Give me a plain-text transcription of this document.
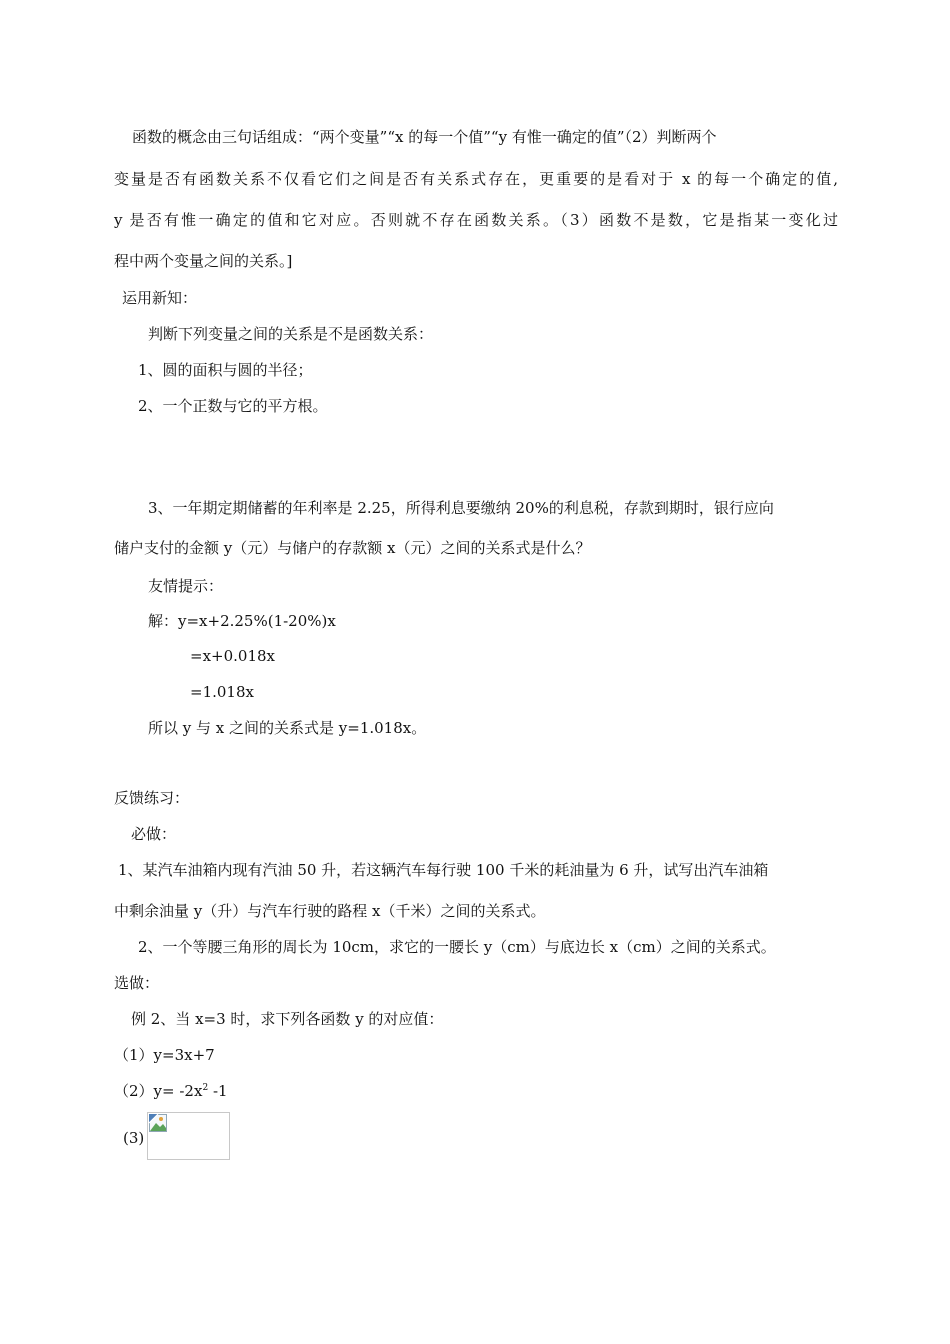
函数的概念由三句话组成：“两个变量”“x 的每一个值”“y 有惟一确定的值”（2）判断两个
变量是否有函数关系不仅看它们之间是否有关系式存在，更重要的是看对于 x 的每一个确定的值,
y 是否有惟一确定的值和它对应。否则就不存在函数关系。（3）函数不是数，它是指某一变化过
程中两个变量之间的关系。]
运用新知：
判断下列变量之间的关系是不是函数关系：
1、圆的面积与圆的半径；
2、一个正数与它的平方根。
3、一年期定期储蓄的年利率是 2.25，所得利息要缴纳 20%的利息税，存款到期时，银行应向
储户支付的金额 y（元）与储户的存款额 x（元）之间的关系式是什么？
友情提示：
解：y=x+2.25%(1-20%)x
=x+0.018x
=1.018x
所以 y 与 x 之间的关系式是 y=1.018x。
反馈练习：
必做：
1、某汽车油箱内现有汽油 50 升，若这辆汽车每行驶 100 千米的耗油量为 6 升，试写出汽车油箱
中剩余油量 y（升）与汽车行驶的路程 x（千米）之间的关系式。
2、一个等腰三角形的周长为 10cm，求它的一腰长 y（cm）与底边长 x（cm）之间的关系式。
选做：
例 2、当 x=3 时，求下列各函数 y 的对应值：
（1）y=3x+7
$(2)y= -2x^2$ -1
(3)
